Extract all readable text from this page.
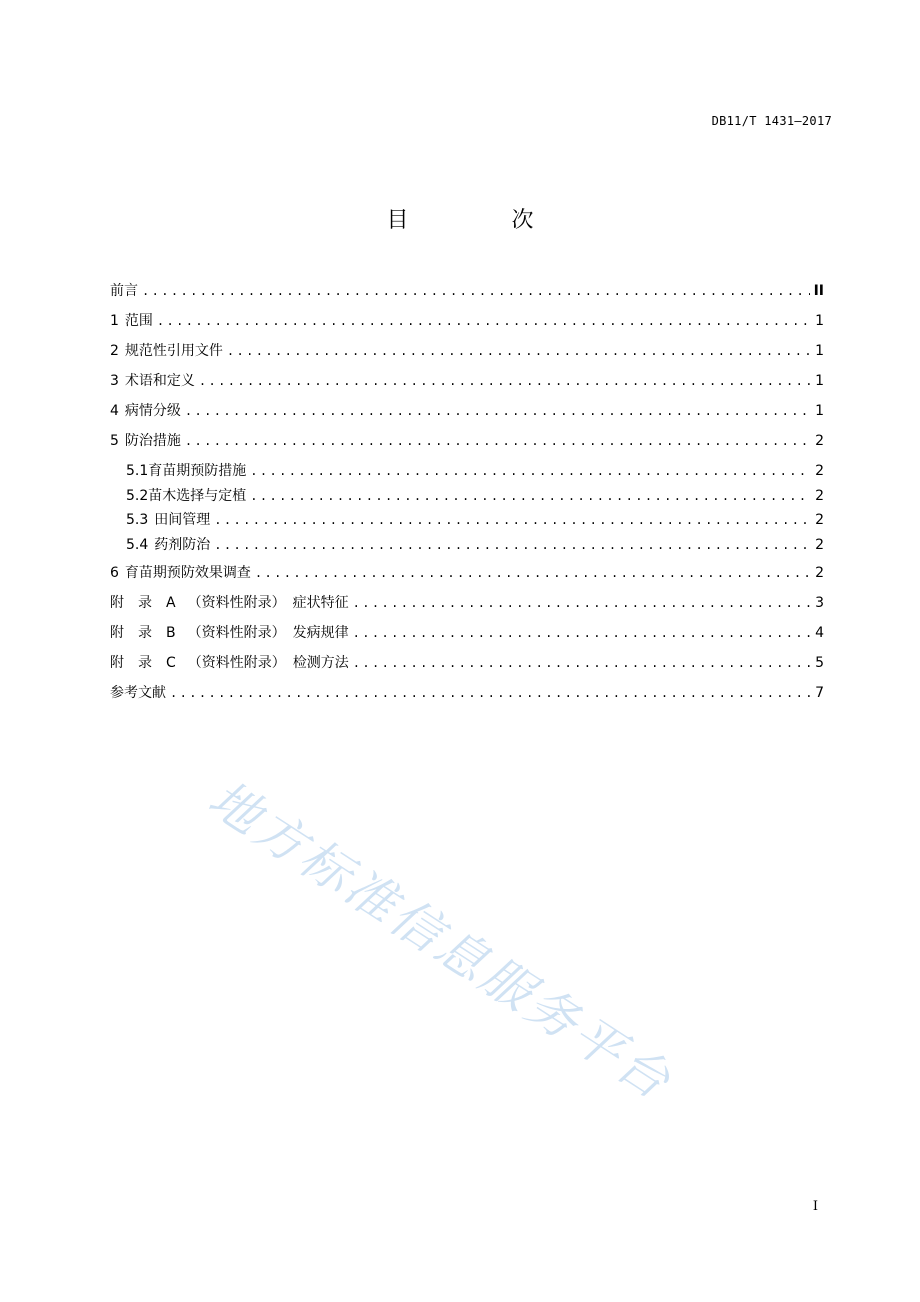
DB11/T 1431—2017
目 次
前言 .....	II
1 范围 .....	1
2 规范性引用文件 .....	1
3 术语和定义 .....	1
4 病情分级 .....	1
5 防治措施 .....	2
5.1育苗期预防措施 .....	2
5.2苗木选择与定植 .....	2
5.3 田间管理 .....	2
5.4 药剂防治 .....	2
6 育苗期预防效果调查 .....	2
附　录　A （资料性附录）　症状特征 .....	3
附　录　B （资料性附录）　发病规律 .....	4
附　录　C （资料性附录）　检测方法 .....	5
参考文献 .....	7
地方标准信息服务平台
I
